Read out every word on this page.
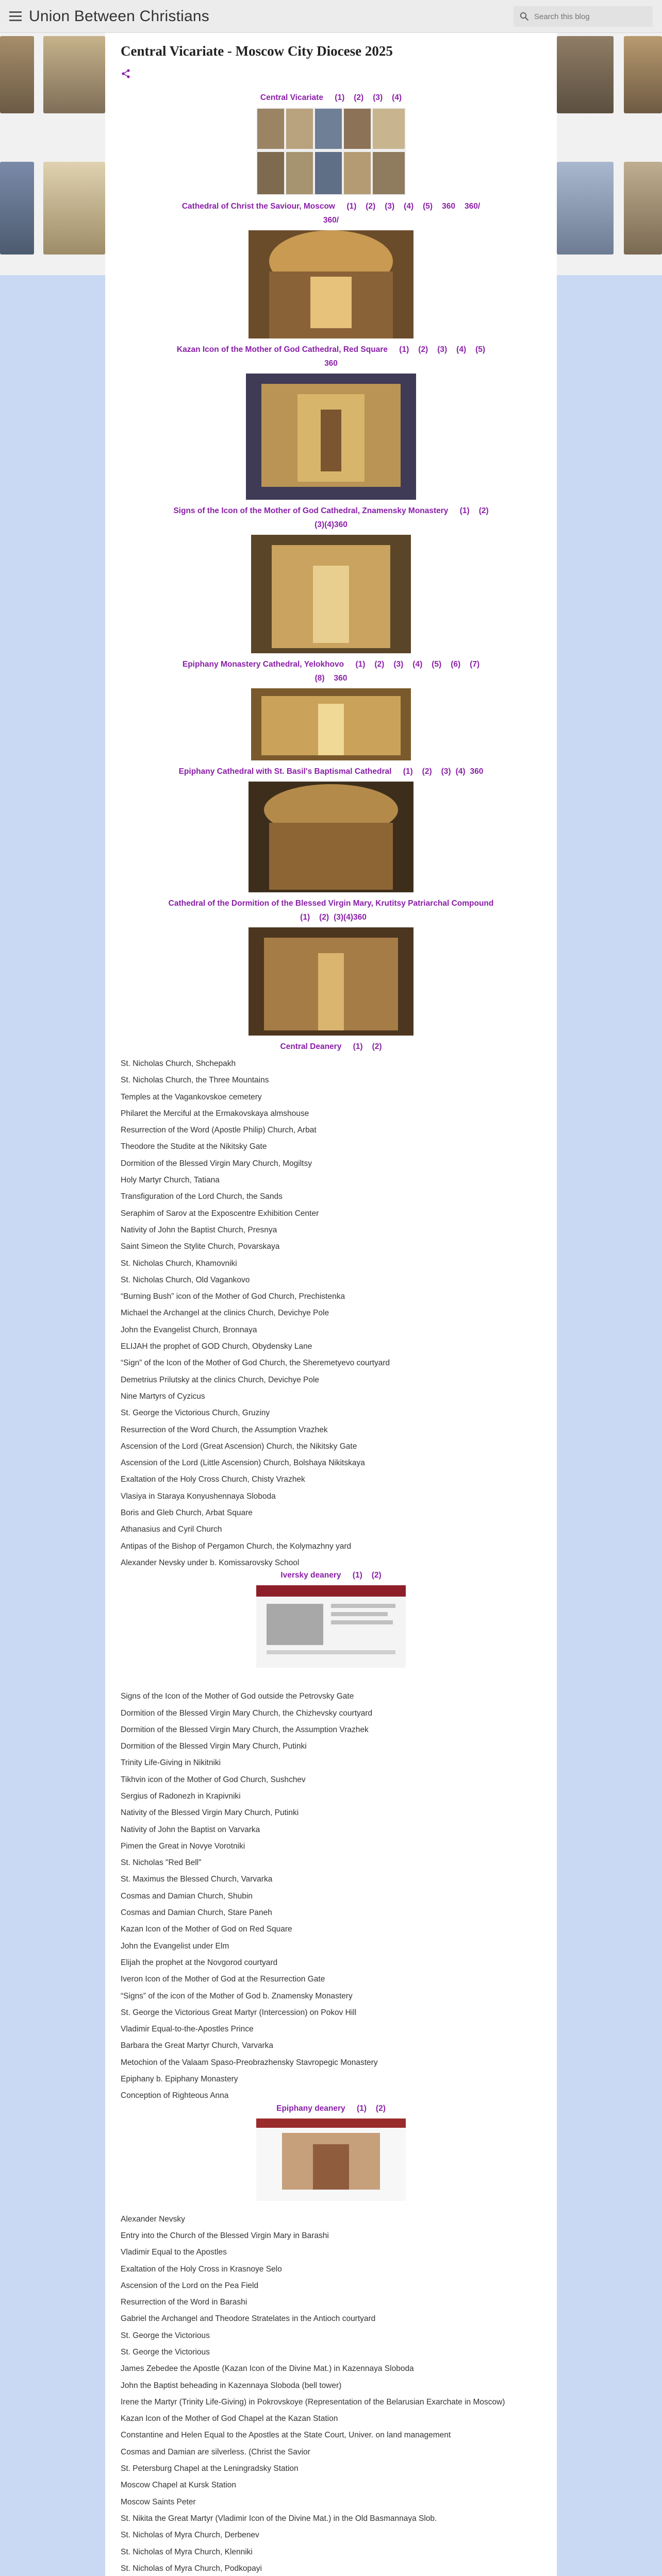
Union Between Christians
Search this blog
Central Vicariate - Moscow City Diocese 2025
Central Vicariate (1) (2) (3) (4)
Cathedral of Christ the Saviour, Moscow (1) (2) (3) (4) (5) 360 360/
360/
Kazan Icon of the Mother of God Cathedral, Red Square (1) (2) (3) (4) (5)
360
Signs of the Icon of the Mother of God Cathedral, Znamensky Monastery (1) (2)
(3)(4)360
Epiphany Monastery Cathedral, Yelokhovo (1) (2) (3) (4) (5) (6) (7)
(8) 360
Epiphany Cathedral with St. Basil's Baptismal Cathedral (1) (2) (3) (4) 360
Cathedral of the Dormition of the Blessed Virgin Mary, Krutitsy Patriarchal Compound
(1) (2) (3)(4)360
Central Deanery (1) (2)
St. Nicholas Church, Shchepakh
St. Nicholas Church, the Three Mountains
Temples at the Vagankovskoe cemetery
Philaret the Merciful at the Ermakovskaya almshouse
Resurrection of the Word (Apostle Philip) Church, Arbat
Theodore the Studite at the Nikitsky Gate
Dormition of the Blessed Virgin Mary Church, Mogiltsy
Holy Martyr Church, Tatiana
Transfiguration of the Lord Church, the Sands
Seraphim of Sarov at the Exposcentre Exhibition Center
Nativity of John the Baptist Church, Presnya
Saint Simeon the Stylite Church, Povarskaya
St. Nicholas Church, Khamovniki
St. Nicholas Church, Old Vagankovo
“Burning Bush” icon of the Mother of God Church, Prechistenka
Michael the Archangel at the clinics Church, Devichye Pole
John the Evangelist Church, Bronnaya
ELIJAH the prophet of GOD Church, Obydensky Lane
“Sign” of the Icon of the Mother of God Church, the Sheremetyevo courtyard
Demetrius Prilutsky at the clinics Church, Devichye Pole
Nine Martyrs of Cyzicus
St. George the Victorious Church, Gruziny
Resurrection of the Word Church, the Assumption Vrazhek
Ascension of the Lord (Great Ascension) Church, the Nikitsky Gate
Ascension of the Lord (Little Ascension) Church, Bolshaya Nikitskaya
Exaltation of the Holy Cross Church, Chisty Vrazhek
Vlasiya in Staraya Konyushennaya Sloboda
Boris and Gleb Church, Arbat Square
Athanasius and Cyril Church
Antipas of the Bishop of Pergamon Church, the Kolymazhny yard
Alexander Nevsky under b. Komissarovsky School
Iversky deanery (1) (2)
Signs of the Icon of the Mother of God outside the Petrovsky Gate
Dormition of the Blessed Virgin Mary Church, the Chizhevsky courtyard
Dormition of the Blessed Virgin Mary Church, the Assumption Vrazhek
Dormition of the Blessed Virgin Mary Church, Putinki
Trinity Life-Giving in Nikitniki
Tikhvin icon of the Mother of God Church, Sushchev
Sergius of Radonezh in Krapivniki
Nativity of the Blessed Virgin Mary Church, Putinki
Nativity of John the Baptist on Varvarka
Pimen the Great in Novye Vorotniki
St. Nicholas "Red Bell"
St. Maximus the Blessed Church, Varvarka
Cosmas and Damian Church, Shubin
Cosmas and Damian Church, Stare Paneh
Kazan Icon of the Mother of God on Red Square
John the Evangelist under Elm
Elijah the prophet at the Novgorod courtyard
Iveron Icon of the Mother of God at the Resurrection Gate
“Signs” of the icon of the Mother of God b. Znamensky Monastery
St. George the Victorious Great Martyr (Intercession) on Pokov Hill
Vladimir Equal-to-the-Apostles Prince
Barbara the Great Martyr Church, Varvarka
Metochion of the Valaam Spaso-Preobrazhensky Stavropegic Monastery
Epiphany b. Epiphany Monastery
Conception of Righteous Anna
Epiphany deanery (1) (2)
Alexander Nevsky
Entry into the Church of the Blessed Virgin Mary in Barashi
Vladimir Equal to the Apostles
Exaltation of the Holy Cross in Krasnoye Selo
Ascension of the Lord on the Pea Field
Resurrection of the Word in Barashi
Gabriel the Archangel and Theodore Stratelates in the Antioch courtyard
St. George the Victorious
St. George the Victorious
James Zebedee the Apostle (Kazan Icon of the Divine Mat.) in Kazennaya Sloboda
John the Baptist beheading in Kazennaya Sloboda (bell tower)
Irene the Martyr (Trinity Life-Giving) in Pokrovskoye (Representation of the Belarusian Exarchate in Moscow)
Kazan Icon of the Mother of God Chapel at the Kazan Station
Constantine and Helen Equal to the Apostles at the State Court, Univer. on land management
Cosmas and Damian are silverless. (Christ the Savior
St. Petersburg Chapel at the Leningradsky Station
Moscow Chapel at Kursk Station
Moscow Saints Peter
St. Nikita the Great Martyr (Vladimir Icon of the Divine Mat.) in the Old Basmannaya Slob.
St. Nicholas of Myra Church, Derbenev
St. Nicholas of Myra Church, Klenniki
St. Nicholas of Myra Church, Podkopayi
